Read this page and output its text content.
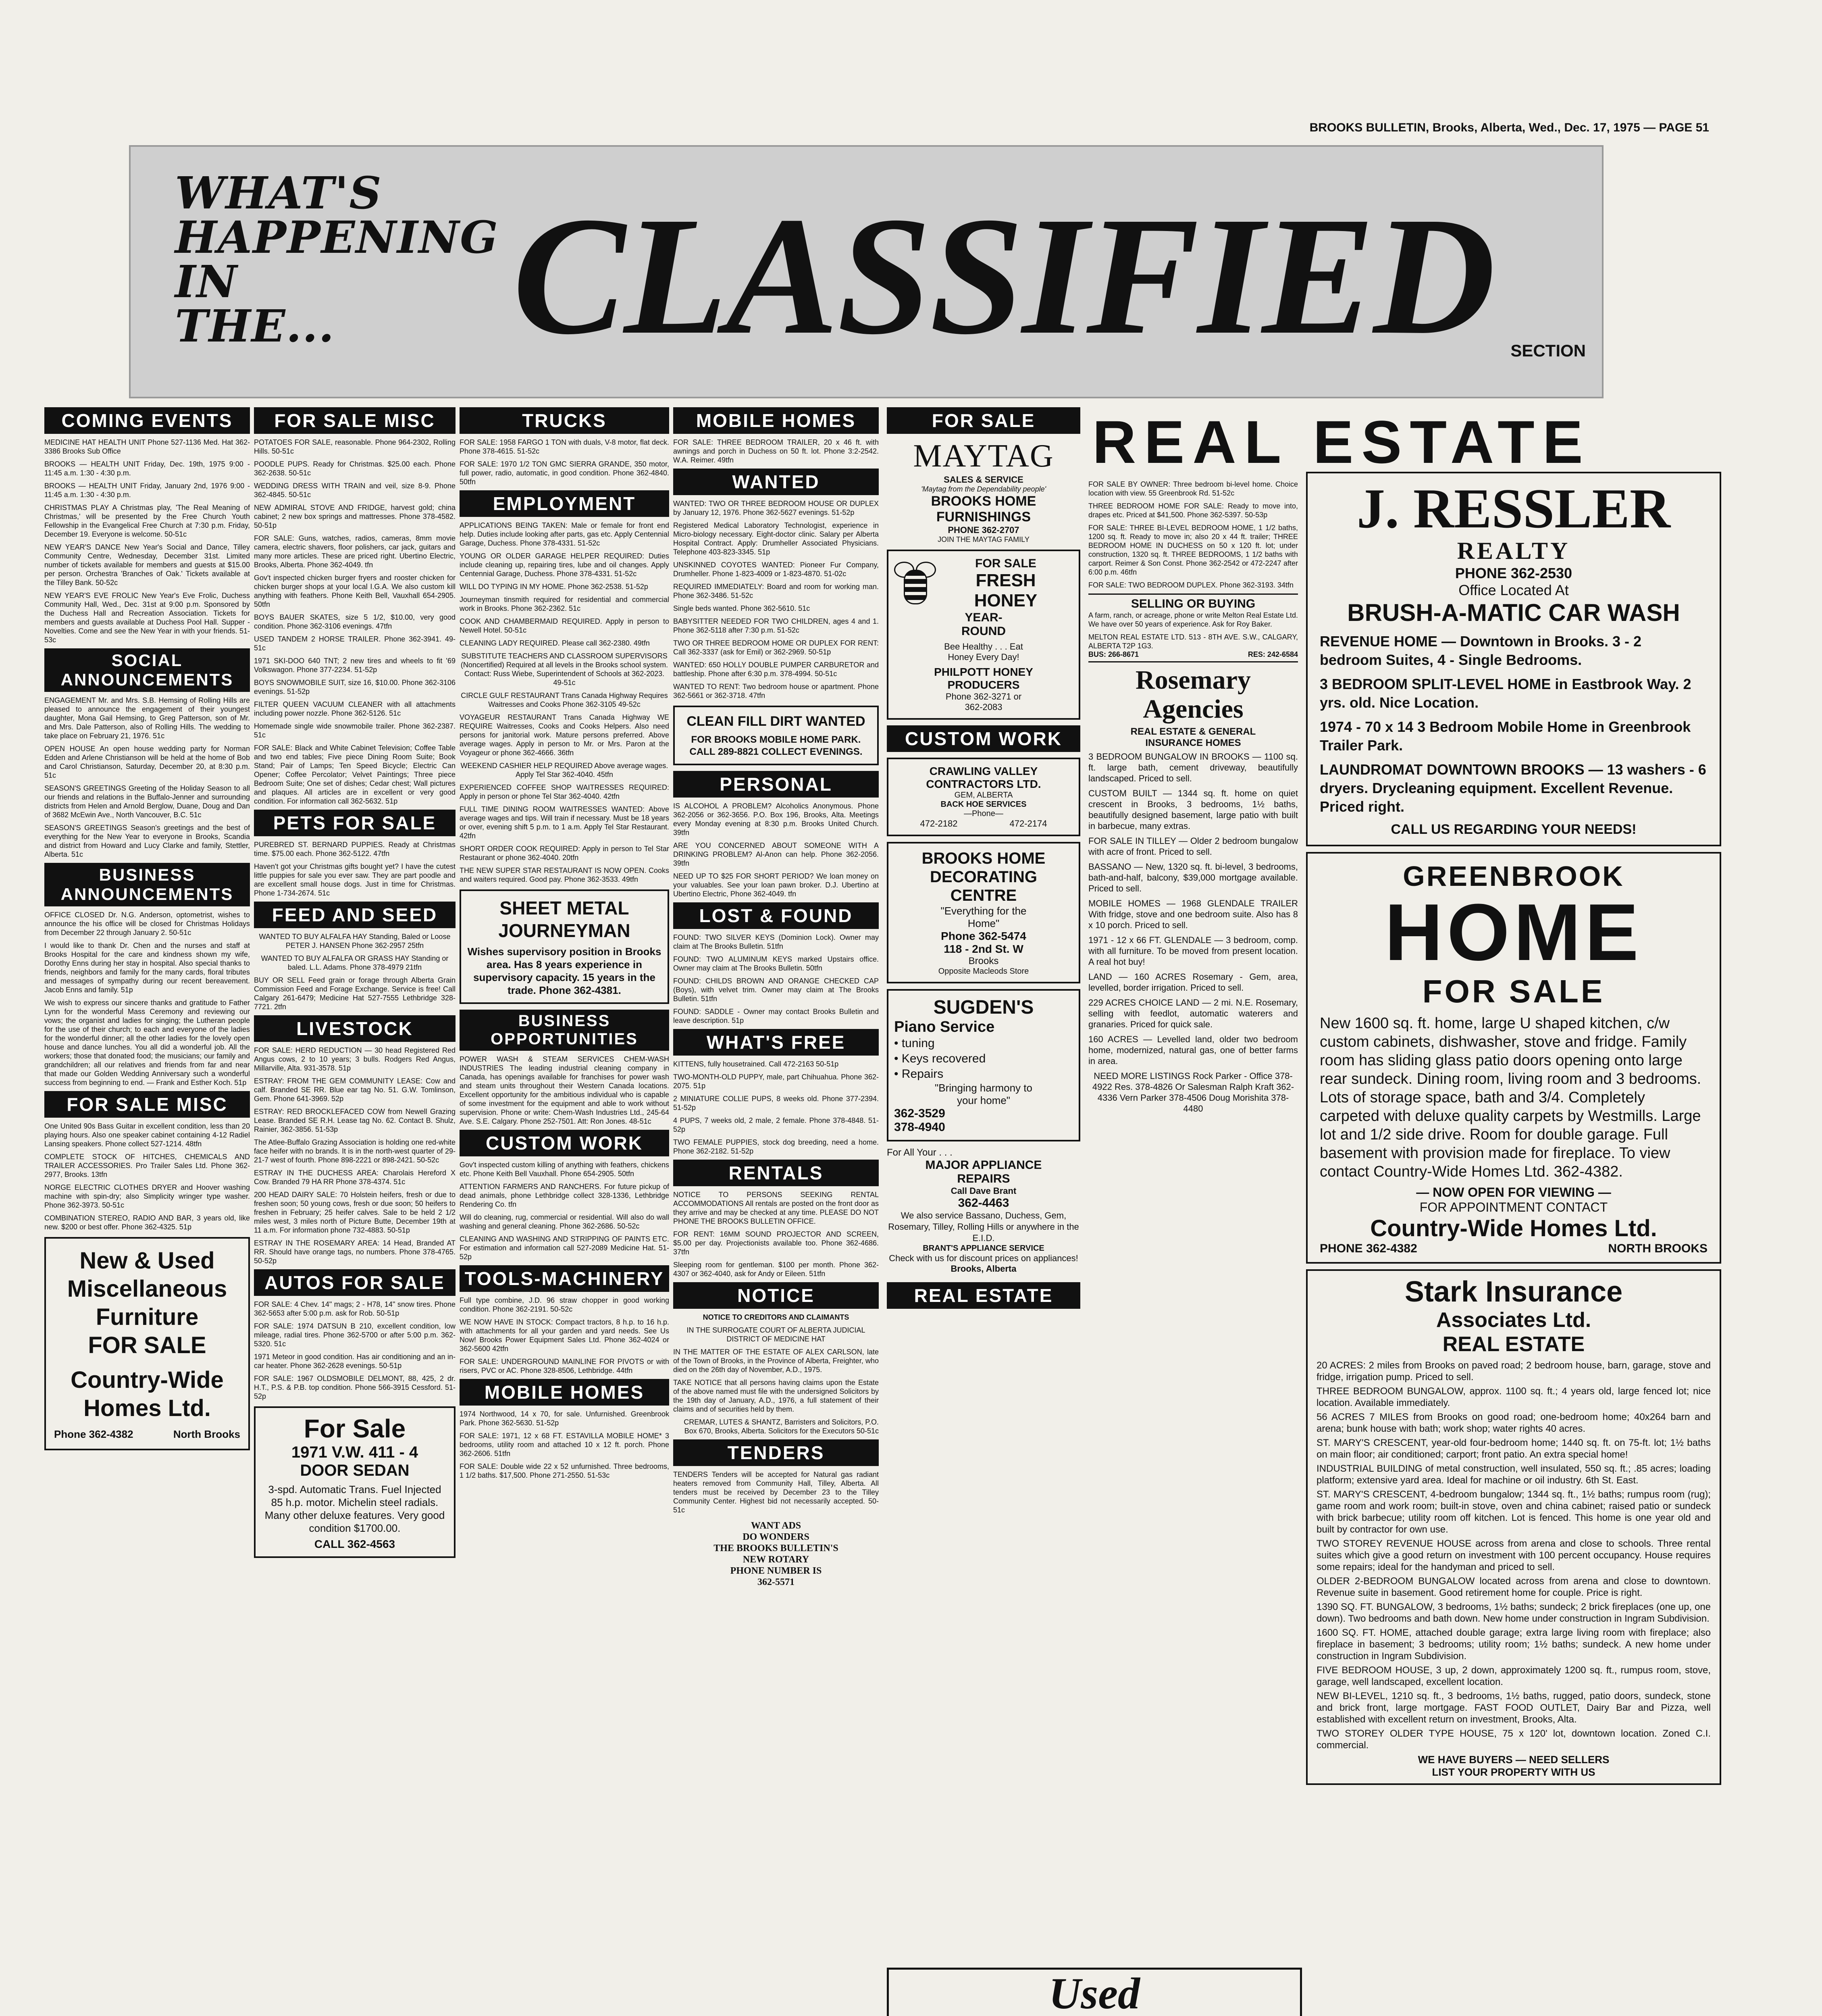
BROOKS BULLETIN, Brooks, Alberta, Wed., Dec. 17, 1975 — PAGE 51
WHAT'S HAPPENING IN THE...	CLASSIFIED SECTION
REAL ESTATE
COMING EVENTS

MEDICINE HAT HEALTH UNIT Phone 527-1136 Med. Hat 362-3386 Brooks Sub Office

BROOKS — HEALTH UNIT Friday, Dec. 19th, 1975 9:00 - 11:45 a.m. 1:30 - 4:30 p.m.

BROOKS — HEALTH UNIT Friday, January 2nd, 1976 9:00 - 11:45 a.m. 1:30 - 4:30 p.m.

CHRISTMAS PLAY A Christmas play, 'The Real Meaning of Christmas,' will be presented by the Free Church Youth Fellowship in the Evangelical Free Church at 7:30 p.m. Friday, December 19. Everyone is welcome. 50-51c

NEW YEAR'S DANCE New Year's Social and Dance, Tilley Community Centre, Wednesday, December 31st. Limited number of tickets available for members and guests at $15.00 per person. Orchestra 'Branches of Oak.' Tickets available at the Tilley Bank. 50-52c

NEW YEAR'S EVE FROLIC New Year's Eve Frolic, Duchess Community Hall, Wed., Dec. 31st at 9:00 p.m. Sponsored by the Duchess Hall and Recreation Association. Tickets for members and guests available at Duchess Pool Hall. Supper - Novelties. Come and see the New Year in with your friends. 51-53c

SOCIAL ANNOUNCEMENTS

ENGAGEMENT Mr. and Mrs. S.B. Hemsing of Rolling Hills are pleased to announce the engagement of their youngest daughter, Mona Gail Hemsing, to Greg Patterson, son of Mr. and Mrs. Dale Patterson, also of Rolling Hills. The wedding to take place on February 21, 1976. 51c

OPEN HOUSE An open house wedding party for Norman Edden and Arlene Christianson will be held at the home of Bob and Carol Christianson, Saturday, December 20, at 8:30 p.m. 51c

SEASON'S GREETINGS Greeting of the Holiday Season to all our friends and relations in the Buffalo-Jenner and surrounding districts from Helen and Arnold Berglow, Duane, Doug and Dan of 3682 McEwin Ave., North Vancouver, B.C. 51c

SEASON'S GREETINGS Season's greetings and the best of everything for the New Year to everyone in Brooks, Scandia and district from Howard and Lucy Clarke and family, Stettler, Alberta. 51c

BUSINESS ANNOUNCEMENTS

OFFICE CLOSED Dr. N.G. Anderson, optometrist, wishes to announce the his office will be closed for Christmas Holidays from December 22 through January 2. 50-51c

I would like to thank Dr. Chen and the nurses and staff at Brooks Hospital for the care and kindness shown my wife, Dorothy Enns during her stay in hospital. Also special thanks to friends, neighbors and family for the many cards, floral tributes and messages of sympathy during our recent bereavement. Jacob Enns and family. 51p

We wish to express our sincere thanks and gratitude to Father Lynn for the wonderful Mass Ceremony and reviewing our vows; the organist and ladies for singing; the Lutheran people for the use of their church; to each and everyone of the ladies for the wonderful dinner; all the other ladies for the lovely open house and dance lunches. You all did a wonderful job. All the workers; those that donated food; the musicians; our family and grandchildren; all our relatives and friends from far and near that made our Golden Wedding Anniversary such a wonderful success from beginning to end. — Frank and Esther Koch. 51p

FOR SALE MISC

One United 90s Bass Guitar in excellent condition, less than 20 playing hours. Also one speaker cabinet containing 4-12 Radiel Lansing speakers. Phone collect 527-1214. 48tfn

COMPLETE STOCK OF HITCHES, CHEMICALS AND TRAILER ACCESSORIES. Pro Trailer Sales Ltd. Phone 362-2977, Brooks. 13tfn

NORGE ELECTRIC CLOTHES DRYER and Hoover washing machine with spin-dry; also Simplicity wringer type washer. Phone 362-3973. 50-51c

COMBINATION STEREO, RADIO AND BAR, 3 years old, like new. $200 or best offer. Phone 362-4325. 51p

New & Used
Miscellaneous
Furniture
FOR SALE
Country-Wide
Homes Ltd.
Phone 362-4382	North Brooks
FOR SALE MISC

POTATOES FOR SALE, reasonable. Phone 964-2302, Rolling Hills. 50-51c

POODLE PUPS. Ready for Christmas. $25.00 each. Phone 362-2638. 50-51c

WEDDING DRESS WITH TRAIN and veil, size 8-9. Phone 362-4845. 50-51c

NEW ADMIRAL STOVE AND FRIDGE, harvest gold; china cabinet; 2 new box springs and mattresses. Phone 378-4582. 50-51p

FOR SALE: Guns, watches, radios, cameras, 8mm movie camera, electric shavers, floor polishers, car jack, guitars and many more articles. These are priced right. Ubertino Electric, Brooks, Alberta. Phone 362-4049. tfn

Gov't inspected chicken burger fryers and rooster chicken for chicken burger shops at your local I.G.A. We also custom kill anything with feathers. Phone Keith Bell, Vauxhall 654-2905. 50tfn

BOYS BAUER SKATES, size 5 1/2, $10.00, very good condition. Phone 362-3106 evenings. 47tfn

USED TANDEM 2 HORSE TRAILER. Phone 362-3941. 49-51c

1971 SKI-DOO 640 TNT; 2 new tires and wheels to fit '69 Volkswagon. Phone 377-2234. 51-52p

BOYS SNOWMOBILE SUIT, size 16, $10.00. Phone 362-3106 evenings. 51-52p

FILTER QUEEN VACUUM CLEANER with all attachments including power nozzle. Phone 362-5126. 51c

Homemade single wide snowmobile trailer. Phone 362-2387. 51c

FOR SALE: Black and White Cabinet Television; Coffee Table and two end tables; Five piece Dining Room Suite; Book Stand; Pair of Lamps; Ten Speed Bicycle; Electric Can Opener; Coffee Percolator; Velvet Paintings; Three piece Bedroom Suite; One set of dishes; Cedar chest; Wall pictures and plaques. All articles are in excellent or very good condition. For information call 362-5632. 51p

PETS FOR SALE

PUREBRED ST. BERNARD PUPPIES. Ready at Christmas time. $75.00 each. Phone 362-5122. 47tfn

Haven't got your Christmas gifts bought yet? I have the cutest little puppies for sale you ever saw. They are part poodle and are excellent small house dogs. Just in time for Christmas. Phone 1-734-2674. 51c

FEED AND SEED

WANTED TO BUY ALFALFA HAY Standing, Baled or Loose PETER J. HANSEN Phone 362-2957 25tfn

WANTED TO BUY ALFALFA OR GRASS HAY Standing or baled. L.L. Adams. Phone 378-4979 21tfn

BUY OR SELL Feed grain or forage through Alberta Grain Commission Feed and Forage Exchange. Service is free! Call Calgary 261-6479; Medicine Hat 527-7555 Lethbridge 328-7721. 2tfn

LIVESTOCK

FOR SALE: HERD REDUCTION — 30 head Registered Red Angus cows, 2 to 10 years; 3 bulls. Rodgers Red Angus, Millarville, Alta. 931-3578. 51p

ESTRAY: FROM THE GEM COMMUNITY LEASE: Cow and calf. Branded SE RR. Blue ear tag No. 51. G.W. Tomlinson, Gem. Phone 641-3969. 52p

ESTRAY: RED BROCKLEFACED COW from Newell Grazing Lease. Branded SE R.H. Lease tag No. 62. Contact B. Shulz, Rainier, 362-3856. 51-53p

The Atlee-Buffalo Grazing Association is holding one red-white face heifer with no brands. It is in the north-west quarter of 29-21-7 west of fourth. Phone 898-2221 or 898-2421. 50-52c

ESTRAY IN THE DUCHESS AREA: Charolais Hereford X Cow. Branded 79 HA RR Phone 378-4374. 51c

200 HEAD DAIRY SALE: 70 Holstein heifers, fresh or due to freshen soon; 50 young cows, fresh or due soon; 50 heifers to freshen in February; 25 heifer calves. Sale to be held 2 1/2 miles west, 3 miles north of Picture Butte, December 19th at 11 a.m. For information phone 732-4883. 50-51p

ESTRAY IN THE ROSEMARY AREA: 14 Head, Branded AT RR. Should have orange tags, no numbers. Phone 378-4765. 50-52p

AUTOS FOR SALE

FOR SALE: 4 Chev. 14" mags; 2 - H78, 14" snow tires. Phone 362-5653 after 5:00 p.m. ask for Rob. 50-51p

FOR SALE: 1974 DATSUN B 210, excellent condition, low mileage, radial tires. Phone 362-5700 or after 5:00 p.m. 362-5320. 51c

1971 Meteor in good condition. Has air conditioning and an in-car heater. Phone 362-2628 evenings. 50-51p

FOR SALE: 1967 OLDSMOBILE DELMONT, 88, 425, 2 dr. H.T., P.S. & P.B. top condition. Phone 566-3915 Cessford. 51-52p

For Sale
1971 V.W. 411 - 4
DOOR SEDAN
3-spd. Automatic Trans. Fuel Injected 85 h.p. motor. Michelin steel radials. Many other deluxe features. Very good condition $1700.00.
CALL 362-4563
TRUCKS

FOR SALE: 1958 FARGO 1 TON with duals, V-8 motor, flat deck. Phone 378-4615. 51-52c

FOR SALE: 1970 1/2 TON GMC SIERRA GRANDE, 350 motor, full power, radio, automatic, in good condition. Phone 362-4840. 50tfn

EMPLOYMENT

APPLICATIONS BEING TAKEN: Male or female for front end help. Duties include looking after parts, gas etc. Apply Centennial Garage, Duchess. Phone 378-4331. 51-52c

YOUNG OR OLDER GARAGE HELPER REQUIRED: Duties include cleaning up, repairing tires, lube and oil changes. Apply Centennial Garage, Duchess. Phone 378-4331. 51-52c

WILL DO TYPING IN MY HOME. Phone 362-2538. 51-52p

Journeyman tinsmith required for residential and commercial work in Brooks. Phone 362-2362. 51c

COOK AND CHAMBERMAID REQUIRED. Apply in person to Newell Hotel. 50-51c

CLEANING LADY REQUIRED. Please call 362-2380. 49tfn

SUBSTITUTE TEACHERS AND CLASSROOM SUPERVISORS (Noncertified) Required at all levels in the Brooks school system. Contact: Russ Wiebe, Superintendent of Schools at 362-2023. 49-51c

CIRCLE GULF RESTAURANT Trans Canada Highway Requires Waitresses and Cooks Phone 362-3105 49-52c

VOYAGEUR RESTAURANT Trans Canada Highway WE REQUIRE Waitresses, Cooks and Cooks Helpers. Also need persons for janitorial work. Mature persons preferred. Above average wages. Apply in person to Mr. or Mrs. Paron at the Voyageur or phone 362-4666. 36tfn

WEEKEND CASHIER HELP REQUIRED Above average wages. Apply Tel Star 362-4040. 45tfn

EXPERIENCED COFFEE SHOP WAITRESSES REQUIRED: Apply in person or phone Tel Star 362-4040. 42tfn

FULL TIME DINING ROOM WAITRESSES WANTED: Above average wages and tips. Will train if necessary. Must be 18 years or over, evening shift 5 p.m. to 1 a.m. Apply Tel Star Restaurant. 42tfn

SHORT ORDER COOK REQUIRED: Apply in person to Tel Star Restaurant or phone 362-4040. 20tfn

THE NEW SUPER STAR RESTAURANT IS NOW OPEN. Cooks and waiters required. Good pay. Phone 362-3533. 49tfn

SHEET METAL JOURNEYMAN
Wishes supervisory position in Brooks area. Has 8 years experience in supervisory capacity. 15 years in the trade. Phone 362-4381.
BUSINESS OPPORTUNITIES

POWER WASH & STEAM SERVICES CHEM-WASH INDUSTRIES The leading industrial cleaning company in Canada, has openings available for franchises for power wash and steam units throughout their Western Canada locations. Excellent opportunity for the ambitious individual who is capable of some investment for the equipment and able to work without supervision. Phone or write: Chem-Wash Industries Ltd., 245-64 Ave. S.E. Calgary. Phone 252-7501. Att: Ron Jones. 48-51c

CUSTOM WORK

Gov't inspected custom killing of anything with feathers, chickens etc. Phone Keith Bell Vauxhall. Phone 654-2905. 50tfn

ATTENTION FARMERS AND RANCHERS. For future pickup of dead animals, phone Lethbridge collect 328-1336, Lethbridge Rendering Co. tfn

Will do cleaning, rug, commercial or residential. Will also do wall washing and general cleaning. Phone 362-2686. 50-52c

CLEANING AND WASHING AND STRIPPING OF PAINTS ETC. For estimation and information call 527-2089 Medicine Hat. 51-52p

TOOLS-MACHINERY

Full type combine, J.D. 96 straw chopper in good working condition. Phone 362-2191. 50-52c

WE NOW HAVE IN STOCK: Compact tractors, 8 h.p. to 16 h.p. with attachments for all your garden and yard needs. See Us Now! Brooks Power Equipment Sales Ltd. Phone 362-4024 or 362-5600 42tfn

FOR SALE: UNDERGROUND MAINLINE FOR PIVOTS or with risers, PVC or AC. Phone 328-8506, Lethbridge. 44tfn

MOBILE HOMES

1974 Northwood, 14 x 70, for sale. Unfurnished. Greenbrook Park. Phone 362-5630. 51-52p

FOR SALE: 1971, 12 x 68 FT. ESTAVILLA MOBILE HOME* 3 bedrooms, utility room and attached 10 x 12 ft. porch. Phone 362-2606. 51tfn

FOR SALE: Double wide 22 x 52 unfurnished. Three bedrooms, 1 1/2 baths. $17,500. Phone 271-2550. 51-53c

MOBILE HOMES

FOR SALE: THREE BEDROOM TRAILER, 20 x 46 ft. with awnings and porch in Duchess on 50 ft. lot. Phone 3:2-2542. W.A. Reimer. 49tfn

WANTED

WANTED: TWO OR THREE BEDROOM HOUSE OR DUPLEX by January 12, 1976. Phone 362-5627 evenings. 51-52p

Registered Medical Laboratory Technologist, experience in Micro-biology necessary. Eight-doctor clinic. Salary per Alberta Hospital Contract. Apply: Drumheller Associated Physicians. Telephone 403-823-3345. 51p

UNSKINNED COYOTES WANTED: Pioneer Fur Company, Drumheller. Phone 1-823-4009 or 1-823-4870. 51-02c

REQUIRED IMMEDIATELY: Board and room for working man. Phone 362-3486. 51-52c

Single beds wanted. Phone 362-5610. 51c

BABYSITTER NEEDED FOR TWO CHILDREN, ages 4 and 1. Phone 362-5118 after 7:30 p.m. 51-52c

TWO OR THREE BEDROOM HOME OR DUPLEX FOR RENT: Call 362-3337 (ask for Emil) or 362-2969. 50-51p

WANTED: 650 HOLLY DOUBLE PUMPER CARBURETOR and battleship. Phone after 6:30 p.m. 378-4994. 50-51c

WANTED TO RENT: Two bedroom house or apartment. Phone 362-5661 or 362-3718. 47tfn

CLEAN FILL DIRT WANTED
FOR BROOKS MOBILE HOME PARK. CALL 289-8821 COLLECT EVENINGS.
PERSONAL

IS ALCOHOL A PROBLEM? Alcoholics Anonymous. Phone 362-2056 or 362-3656. P.O. Box 196, Brooks, Alta. Meetings every Monday evening at 8:30 p.m. Brooks United Church. 39tfn

ARE YOU CONCERNED ABOUT SOMEONE WITH A DRINKING PROBLEM? Al-Anon can help. Phone 362-2056. 39tfn

NEED UP TO $25 FOR SHORT PERIOD? We loan money on your valuables. See your loan pawn broker. D.J. Ubertino at Ubertino Electric, Phone 362-4049. tfn

LOST & FOUND

FOUND: TWO SILVER KEYS (Dominion Lock). Owner may claim at The Brooks Bulletin. 51tfn

FOUND: TWO ALUMINUM KEYS marked Upstairs office. Owner may claim at The Brooks Bulletin. 50tfn

FOUND: CHILDS BROWN AND ORANGE CHECKED CAP (Boys), with velvet trim. Owner may claim at The Brooks Bulletin. 51tfn

FOUND: SADDLE - Owner may contact Brooks Bulletin and leave description. 51p

WHAT'S FREE

KITTENS, fully housetrained. Call 472-2163 50-51p

TWO-MONTH-OLD PUPPY, male, part Chihuahua. Phone 362-2075. 51p

2 MINIATURE COLLIE PUPS, 8 weeks old. Phone 377-2394. 51-52p

4 PUPS, 7 weeks old, 2 male, 2 female. Phone 378-4848. 51-52p

TWO FEMALE PUPPIES, stock dog breeding, need a home. Phone 362-2182. 51-52p

RENTALS

NOTICE TO PERSONS SEEKING RENTAL ACCOMMODATIONS All rentals are posted on the front door as they arrive and may be checked at any time. PLEASE DO NOT PHONE THE BROOKS BULLETIN OFFICE.

FOR RENT: 16MM SOUND PROJECTOR AND SCREEN, $5.00 per day. Projectionists available too. Phone 362-4686. 37tfn

Sleeping room for gentleman. $100 per month. Phone 362-4307 or 362-4040, ask for Andy or Eileen. 51tfn

NOTICE

NOTICE TO CREDITORS AND CLAIMANTS

IN THE SURROGATE COURT OF ALBERTA JUDICIAL DISTRICT OF MEDICINE HAT

IN THE MATTER OF THE ESTATE OF ALEX CARLSON, late of the Town of Brooks, in the Province of Alberta, Freighter, who died on the 26th day of November, A.D., 1975.

TAKE NOTICE that all persons having claims upon the Estate of the above named must file with the undersigned Solicitors by the 19th day of January, A.D., 1976, a full statement of their claims and of securities held by them.

CREMAR, LUTES & SHANTZ, Barristers and Solicitors, P.O. Box 670, Brooks, Alberta. Solicitors for the Executors 50-51c

TENDERS

TENDERS Tenders will be accepted for Natural gas radiant heaters removed from Community Hall, Tilley, Alberta. All tenders must be received by December 23 to the Tilley Community Center. Highest bid not necessarily accepted. 50-51c

WANT ADS
DO WONDERS
THE BROOKS BULLETIN'S
NEW ROTARY
PHONE NUMBER IS
362-5571
FOR SALE
MAYTAG
SALES & SERVICE
'Maytag from the Dependability people'
BROOKS HOME
FURNISHINGS
PHONE 362-2707
JOIN THE MAYTAG FAMILY
FOR SALE
FRESH
HONEY
YEAR-
ROUND
Bee Healthy . . . Eat
Honey Every Day!
PHILPOTT HONEY
PRODUCERS
Phone 362-3271 or
362-2083
CUSTOM WORK
CRAWLING VALLEY
CONTRACTORS LTD.
GEM, ALBERTA
BACK HOE SERVICES
—Phone—
472-2182	472-2174
BROOKS HOME
DECORATING
CENTRE
"Everything for the
Home"
Phone 362-5474
118 - 2nd St. W
Brooks
Opposite Macleods Store
SUGDEN'S
Piano Service
• tuning
• Keys recovered
• Repairs
"Bringing harmony to
your home"
362-3529
378-4940
For All Your . . .
MAJOR APPLIANCE
REPAIRS
Call Dave Brant
362-4463
We also service Bassano, Duchess, Gem, Rosemary, Tilley, Rolling Hills or anywhere in the E.I.D.
BRANT'S APPLIANCE SERVICE
Check with us for discount prices on appliances!
Brooks, Alberta
REAL ESTATE

FOR SALE BY OWNER: Three bedroom bi-level home. Choice location with view. 55 Greenbrook Rd. 51-52c

THREE BEDROOM HOME FOR SALE: Ready to move into, drapes etc. Priced at $41,500. Phone 362-5397. 50-53p

FOR SALE: THREE BI-LEVEL BEDROOM HOME, 1 1/2 baths, 1200 sq. ft. Ready to move in; also 20 x 44 ft. trailer; THREE BEDROOM HOME IN DUCHESS on 50 x 120 ft. lot; under construction, 1320 sq. ft. THREE BEDROOMS, 1 1/2 baths with carport. Reimer & Son Const. Phone 362-2542 or 472-2247 after 6:00 p.m. 46tfn

FOR SALE: TWO BEDROOM DUPLEX. Phone 362-3193. 34tfn

SELLING OR BUYING

A farm, ranch, or acreage, phone or write Melton Real Estate Ltd. We have over 50 years of experience. Ask for Roy Baker.

MELTON REAL ESTATE LTD. 513 - 8TH AVE. S.W., CALGARY, ALBERTA T2P 1G3.

BUS: 266-8671	RES: 242-6584
Rosemary
Agencies
REAL ESTATE & GENERAL INSURANCE HOMES

3 BEDROOM BUNGALOW IN BROOKS — 1100 sq. ft. large bath, cement driveway, beautifully landscaped. Priced to sell.

CUSTOM BUILT — 1344 sq. ft. home on quiet crescent in Brooks, 3 bedrooms, 1½ baths, beautifully designed basement, large patio with built in barbecue, many extras.

FOR SALE IN TILLEY — Older 2 bedroom bungalow with acre of front. Priced to sell.

BASSANO — New, 1320 sq. ft. bi-level, 3 bedrooms, bath-and-half, balcony, $39,000 mortgage available. Priced to sell.

MOBILE HOMES — 1968 GLENDALE TRAILER With fridge, stove and one bedroom suite. Also has 8 x 10 porch. Priced to sell.

1971 - 12 x 66 FT. GLENDALE — 3 bedroom, comp. with all furniture. To be moved from present location. A real hot buy!

LAND — 160 ACRES Rosemary - Gem, area, levelled, border irrigation. Priced to sell.

229 ACRES CHOICE LAND — 2 mi. N.E. Rosemary, selling with feedlot, automatic waterers and granaries. Priced for quick sale.

160 ACRES — Levelled land, older two bedroom home, modernized, natural gas, one of better farms in area.

NEED MORE LISTINGS Rock Parker - Office 378-4922 Res. 378-4826 Or Salesman Ralph Kraft 362-4336 Vern Parker 378-4506 Doug Morishita 378-4480

Used
J. RESSLER
REALTY
PHONE 362-2530
Office Located At
BRUSH-A-MATIC CAR WASH
REVENUE HOME — Downtown in Brooks. 3 - 2 bedroom Suites, 4 - Single Bedrooms.
3 BEDROOM SPLIT-LEVEL HOME in Eastbrook Way. 2 yrs. old. Nice Location.
1974 - 70 x 14 3 Bedroom Mobile Home in Greenbrook Trailer Park.
LAUNDROMAT DOWNTOWN BROOKS — 13 washers - 6 dryers. Drycleaning equipment. Excellent Revenue. Priced right.
CALL US REGARDING YOUR NEEDS!
GREENBROOK
HOME
FOR SALE
New 1600 sq. ft. home, large U shaped kitchen, c/w custom cabinets, dishwasher, stove and fridge. Family room has sliding glass patio doors opening onto large rear sundeck. Dining room, living room and 3 bedrooms. Lots of storage space, bath and 3/4. Completely carpeted with deluxe quality carpets by Westmills. Large lot and 1/2 side drive. Room for double garage. Full basement with provision made for fireplace. To view contact Country-Wide Homes Ltd. 362-4382.
— NOW OPEN FOR VIEWING —
FOR APPOINTMENT CONTACT
Country-Wide Homes Ltd.
PHONE 362-4382	NORTH BROOKS
Stark Insurance
Associates Ltd.
REAL ESTATE

20 ACRES: 2 miles from Brooks on paved road; 2 bedroom house, barn, garage, stove and fridge, irrigation pump. Priced to sell.

THREE BEDROOM BUNGALOW, approx. 1100 sq. ft.; 4 years old, large fenced lot; nice location. Available immediately.

56 ACRES 7 MILES from Brooks on good road; one-bedroom home; 40x264 barn and arena; bunk house with bath; work shop; water rights 40 acres.

ST. MARY'S CRESCENT, year-old four-bedroom home; 1440 sq. ft. on 75-ft. lot; 1½ baths on main floor; air conditioned; carport; front patio. An extra special home!

INDUSTRIAL BUILDING of metal construction, well insulated, 550 sq. ft.; .85 acres; loading platform; extensive yard area. Ideal for machine or oil industry. 6th St. East.

ST. MARY'S CRESCENT, 4-bedroom bungalow; 1344 sq. ft., 1½ baths; rumpus room (rug); game room and work room; built-in stove, oven and china cabinet; raised patio or sundeck with brick barbecue; utility room off kitchen. Lot is fenced. This home is one year old and built by contractor for own use.

TWO STOREY REVENUE HOUSE across from arena and close to schools. Three rental suites which give a good return on investment with 100 percent occupancy. House requires some repairs; ideal for the handyman and priced to sell.

OLDER 2-BEDROOM BUNGALOW located across from arena and close to downtown. Revenue suite in basement. Good retirement home for couple. Price is right.

1390 SQ. FT. BUNGALOW, 3 bedrooms, 1½ baths; sundeck; 2 brick fireplaces (one up, one down). Two bedrooms and bath down. New home under construction in Ingram Subdivision.

1600 SQ. FT. HOME, attached double garage; extra large living room with fireplace; also fireplace in basement; 3 bedrooms; utility room; 1½ baths; sundeck. A new home under construction in Ingram Subdivision.

FIVE BEDROOM HOUSE, 3 up, 2 down, approximately 1200 sq. ft., rumpus room, stove, garage, well landscaped, excellent location.

NEW BI-LEVEL, 1210 sq. ft., 3 bedrooms, 1½ baths, rugged, patio doors, sundeck, stone and brick front, large mortgage. FAST FOOD OUTLET, Dairy Bar and Pizza, well established with excellent return on investment, Brooks, Alta.

TWO STOREY OLDER TYPE HOUSE, 75 x 120' lot, downtown location. Zoned C.I. commercial.

WE HAVE BUYERS — NEED SELLERS
LIST YOUR PROPERTY WITH US
